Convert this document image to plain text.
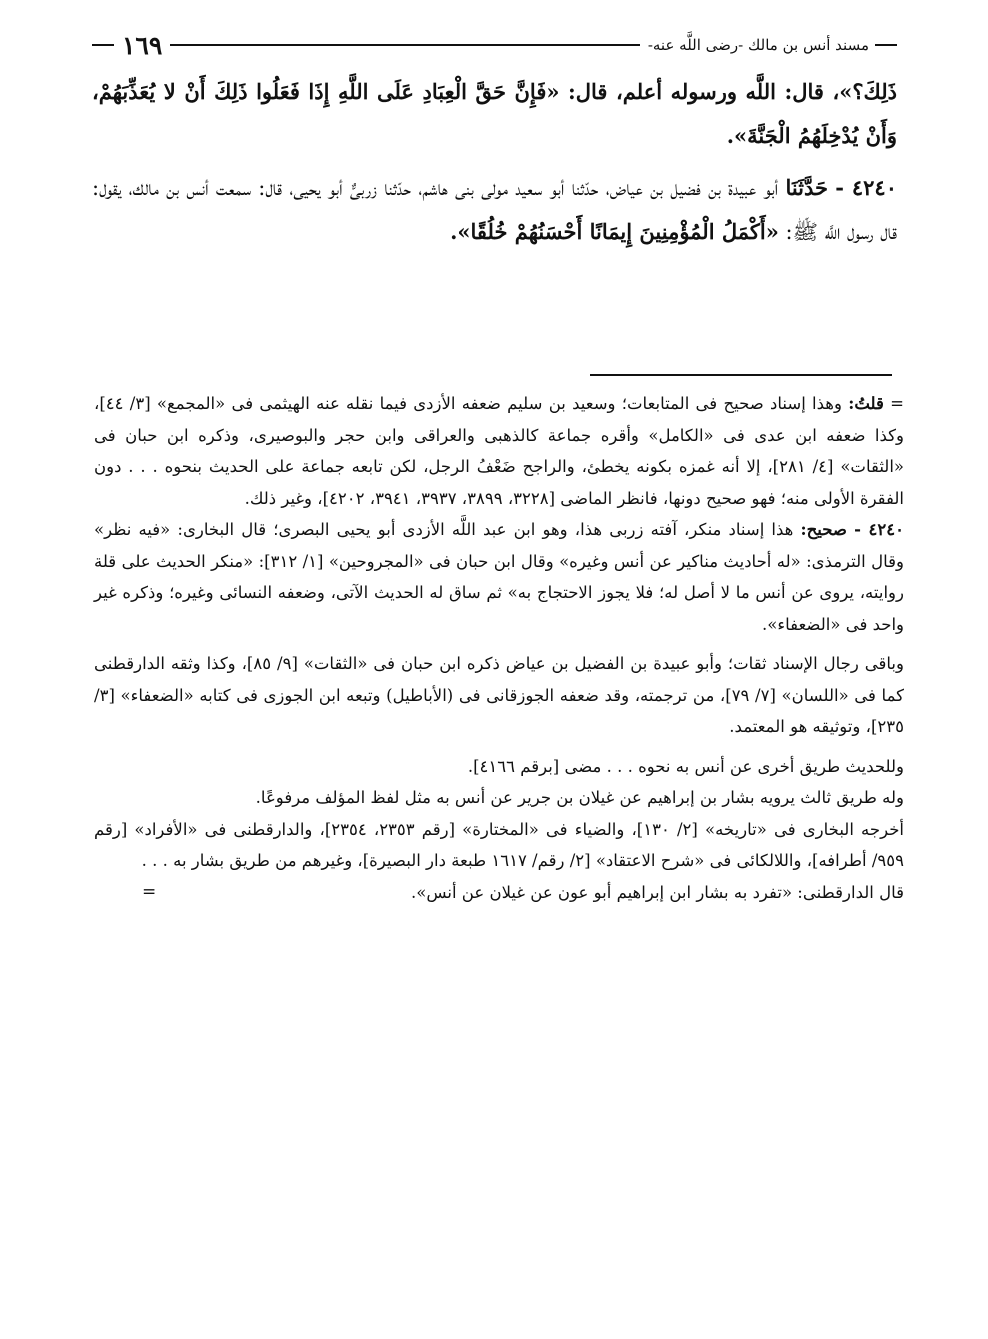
مسند أنس بن مالك -رضى اللَّه عنه-
١٦٩

ذَلِكَ؟»، قال: اللَّه ورسوله أعلم، قال: «فَإِنَّ حَقَّ الْعِبَادِ عَلَى اللَّهِ إِذَا فَعَلُوا ذَلِكَ أَنْ لا يُعَذِّبَهُمْ، وَأَنْ يُدْخِلَهُمُ الْجَنَّةَ».

٤٢٤٠ - حَدَّثَنَا أبو عبيدة بن فضيل بن عياض، حدّثنا أبو سعيد مولى بنى هاشم، حدّثنا زربىٌّ أبو يحيى، قال: سمعت أنس بن مالك، يقول: قال رسول اللَّه ﷺ: «أَكْمَلُ الْمُؤْمِنِينَ إِيمَانًا أَحْسَنُهُمْ خُلُقًا».

= قلتُ: وهذا إسناد صحيح فى المتابعات؛ وسعيد بن سليم ضعفه الأزدى فيما نقله عنه الهيثمى فى «المجمع» [٣/ ٤٤]، وكذا ضعفه ابن عدى فى «الكامل» وأقره جماعة كالذهبى والعراقى وابن حجر والبوصيرى، وذكره ابن حبان فى «الثقات» [٤/ ٢٨١]، إلا أنه غمزه بكونه يخطئ، والراجح ضَعْفُ الرجل، لكن تابعه جماعة على الحديث بنحوه . . . دون الفقرة الأولى منه؛ فهو صحيح دونها، فانظر الماضى [٣٢٢٨، ٣٨٩٩، ٣٩٣٧، ٣٩٤١، ٤٢٠٢]، وغير ذلك.

٤٢٤٠ - صحيح: هذا إسناد منكر، آفته زربى هذا، وهو ابن عبد اللَّه الأزدى أبو يحيى البصرى؛ قال البخارى: «فيه نظر» وقال الترمذى: «له أحاديث مناكير عن أنس وغيره» وقال ابن حبان فى «المجروحين» [١/ ٣١٢]: «منكر الحديث على قلة روايته، يروى عن أنس ما لا أصل له؛ فلا يجوز الاحتجاج به» ثم ساق له الحديث الآتى، وضعفه النسائى وغيره؛ وذكره غير واحد فى «الضعفاء».

وباقى رجال الإسناد ثقات؛ وأبو عبيدة بن الفضيل بن عياض ذكره ابن حبان فى «الثقات» [٩/ ٨٥]، وكذا وثقه الدارقطنى كما فى «اللسان» [٧/ ٧٩]، من ترجمته، وقد ضعفه الجوزقانى فى (الأباطيل) وتبعه ابن الجوزى فى كتابه «الضعفاء» [٣/ ٢٣٥]، وتوثيقه هو المعتمد.

وللحديث طريق أخرى عن أنس به نحوه . . . مضى [برقم ٤١٦٦].

وله طريق ثالث يرويه بشار بن إبراهيم عن غيلان بن جرير عن أنس به مثل لفظ المؤلف مرفوعًا.

أخرجه البخارى فى «تاريخه» [٢/ ١٣٠]، والضياء فى «المختارة» [رقم ٢٣٥٣، ٢٣٥٤]، والدارقطنى فى «الأفراد» [رقم ٩٥٩/ أطرافه]، واللالكائى فى «شرح الاعتقاد» [٢/ رقم/ ١٦١٧ طبعة دار البصيرة]، وغيرهم من طريق بشار به . . .

قال الدارقطنى: «تفرد به بشار ابن إبراهيم أبو عون عن غيلان عن أنس».
=
